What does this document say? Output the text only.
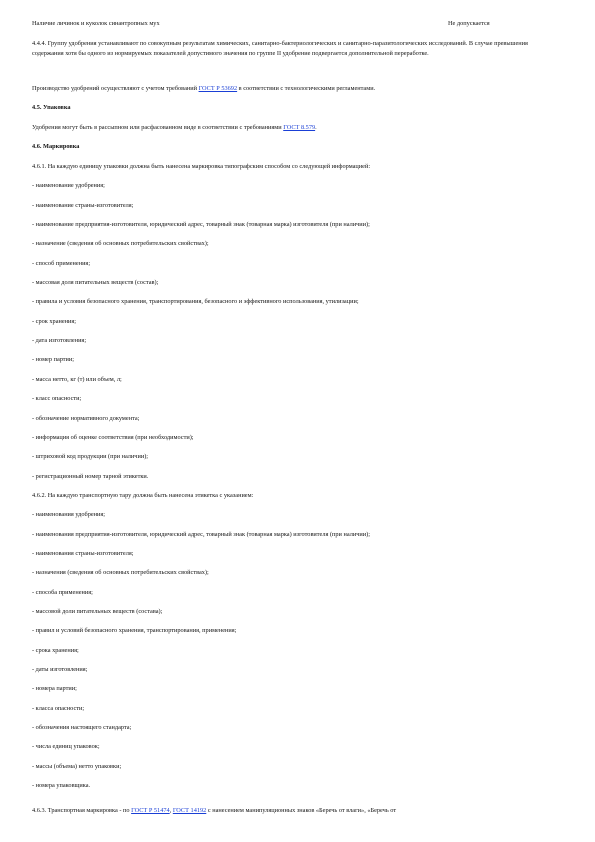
Наличие личинок и куколок синантропных мух	Не допускается
4.4.4. Группу удобрения устанавливают по совокупным результатам химических, санитарно-бактериологических и санитарно-паразитологических исследований. В случае превышения содержания хотя бы одного из нормируемых показателей допустимого значения по группе II удобрение подвергается дополнительной переработке.
Производство удобрений осуществляют с учетом требований ГОСТ Р 53692 в соответствии с технологическими регламентами.
4.5. Упаковка
Удобрения могут быть в рассыпном или расфасованном виде в соответствии с требованиями ГОСТ 8.579.
4.6. Маркировка
4.6.1. На каждую единицу упаковки должна быть нанесена маркировка типографским способом со следующей информацией:
- наименование удобрения;
- наименование страны-изготовителя;
- наименование предприятия-изготовителя, юридический адрес, товарный знак (товарная марка) изготовителя (при наличии);
- назначение (сведения об основных потребительских свойствах);
- способ применения;
- массовая доля питательных веществ (состав);
- правила и условия безопасного хранения, транспортирования, безопасного и эффективного использования, утилизации;
- срок хранения;
- дата изготовления;
- номер партии;
- масса нетто, кг (т) или объем, л;
- класс опасности;
- обозначение нормативного документа;
- информация об оценке соответствия (при необходимости);
- штриховой код продукции (при наличии);
- регистрационный номер тарной этикетки.
4.6.2. На каждую транспортную тару должна быть нанесена этикетка с указанием:
- наименования удобрения;
- наименования предприятия-изготовителя, юридический адрес, товарный знак (товарная марка) изготовителя (при наличии);
- наименования страны-изготовителя;
- назначения (сведения об основных потребительских свойствах);
- способа применения;
- массовой доли питательных веществ (состава);
- правил и условий безопасного хранения, транспортирования, применения;
- срока хранения;
- даты изготовления;
- номера партии;
- класса опасности;
- обозначения настоящего стандарта;
- числа единиц упаковок;
- массы (объема) нетто упаковки;
- номера упаковщика.
4.6.3. Транспортная маркировка - по ГОСТ Р 51474, ГОСТ 14192 с нанесением манипуляционных знаков «Беречь от влаги», «Беречь от
